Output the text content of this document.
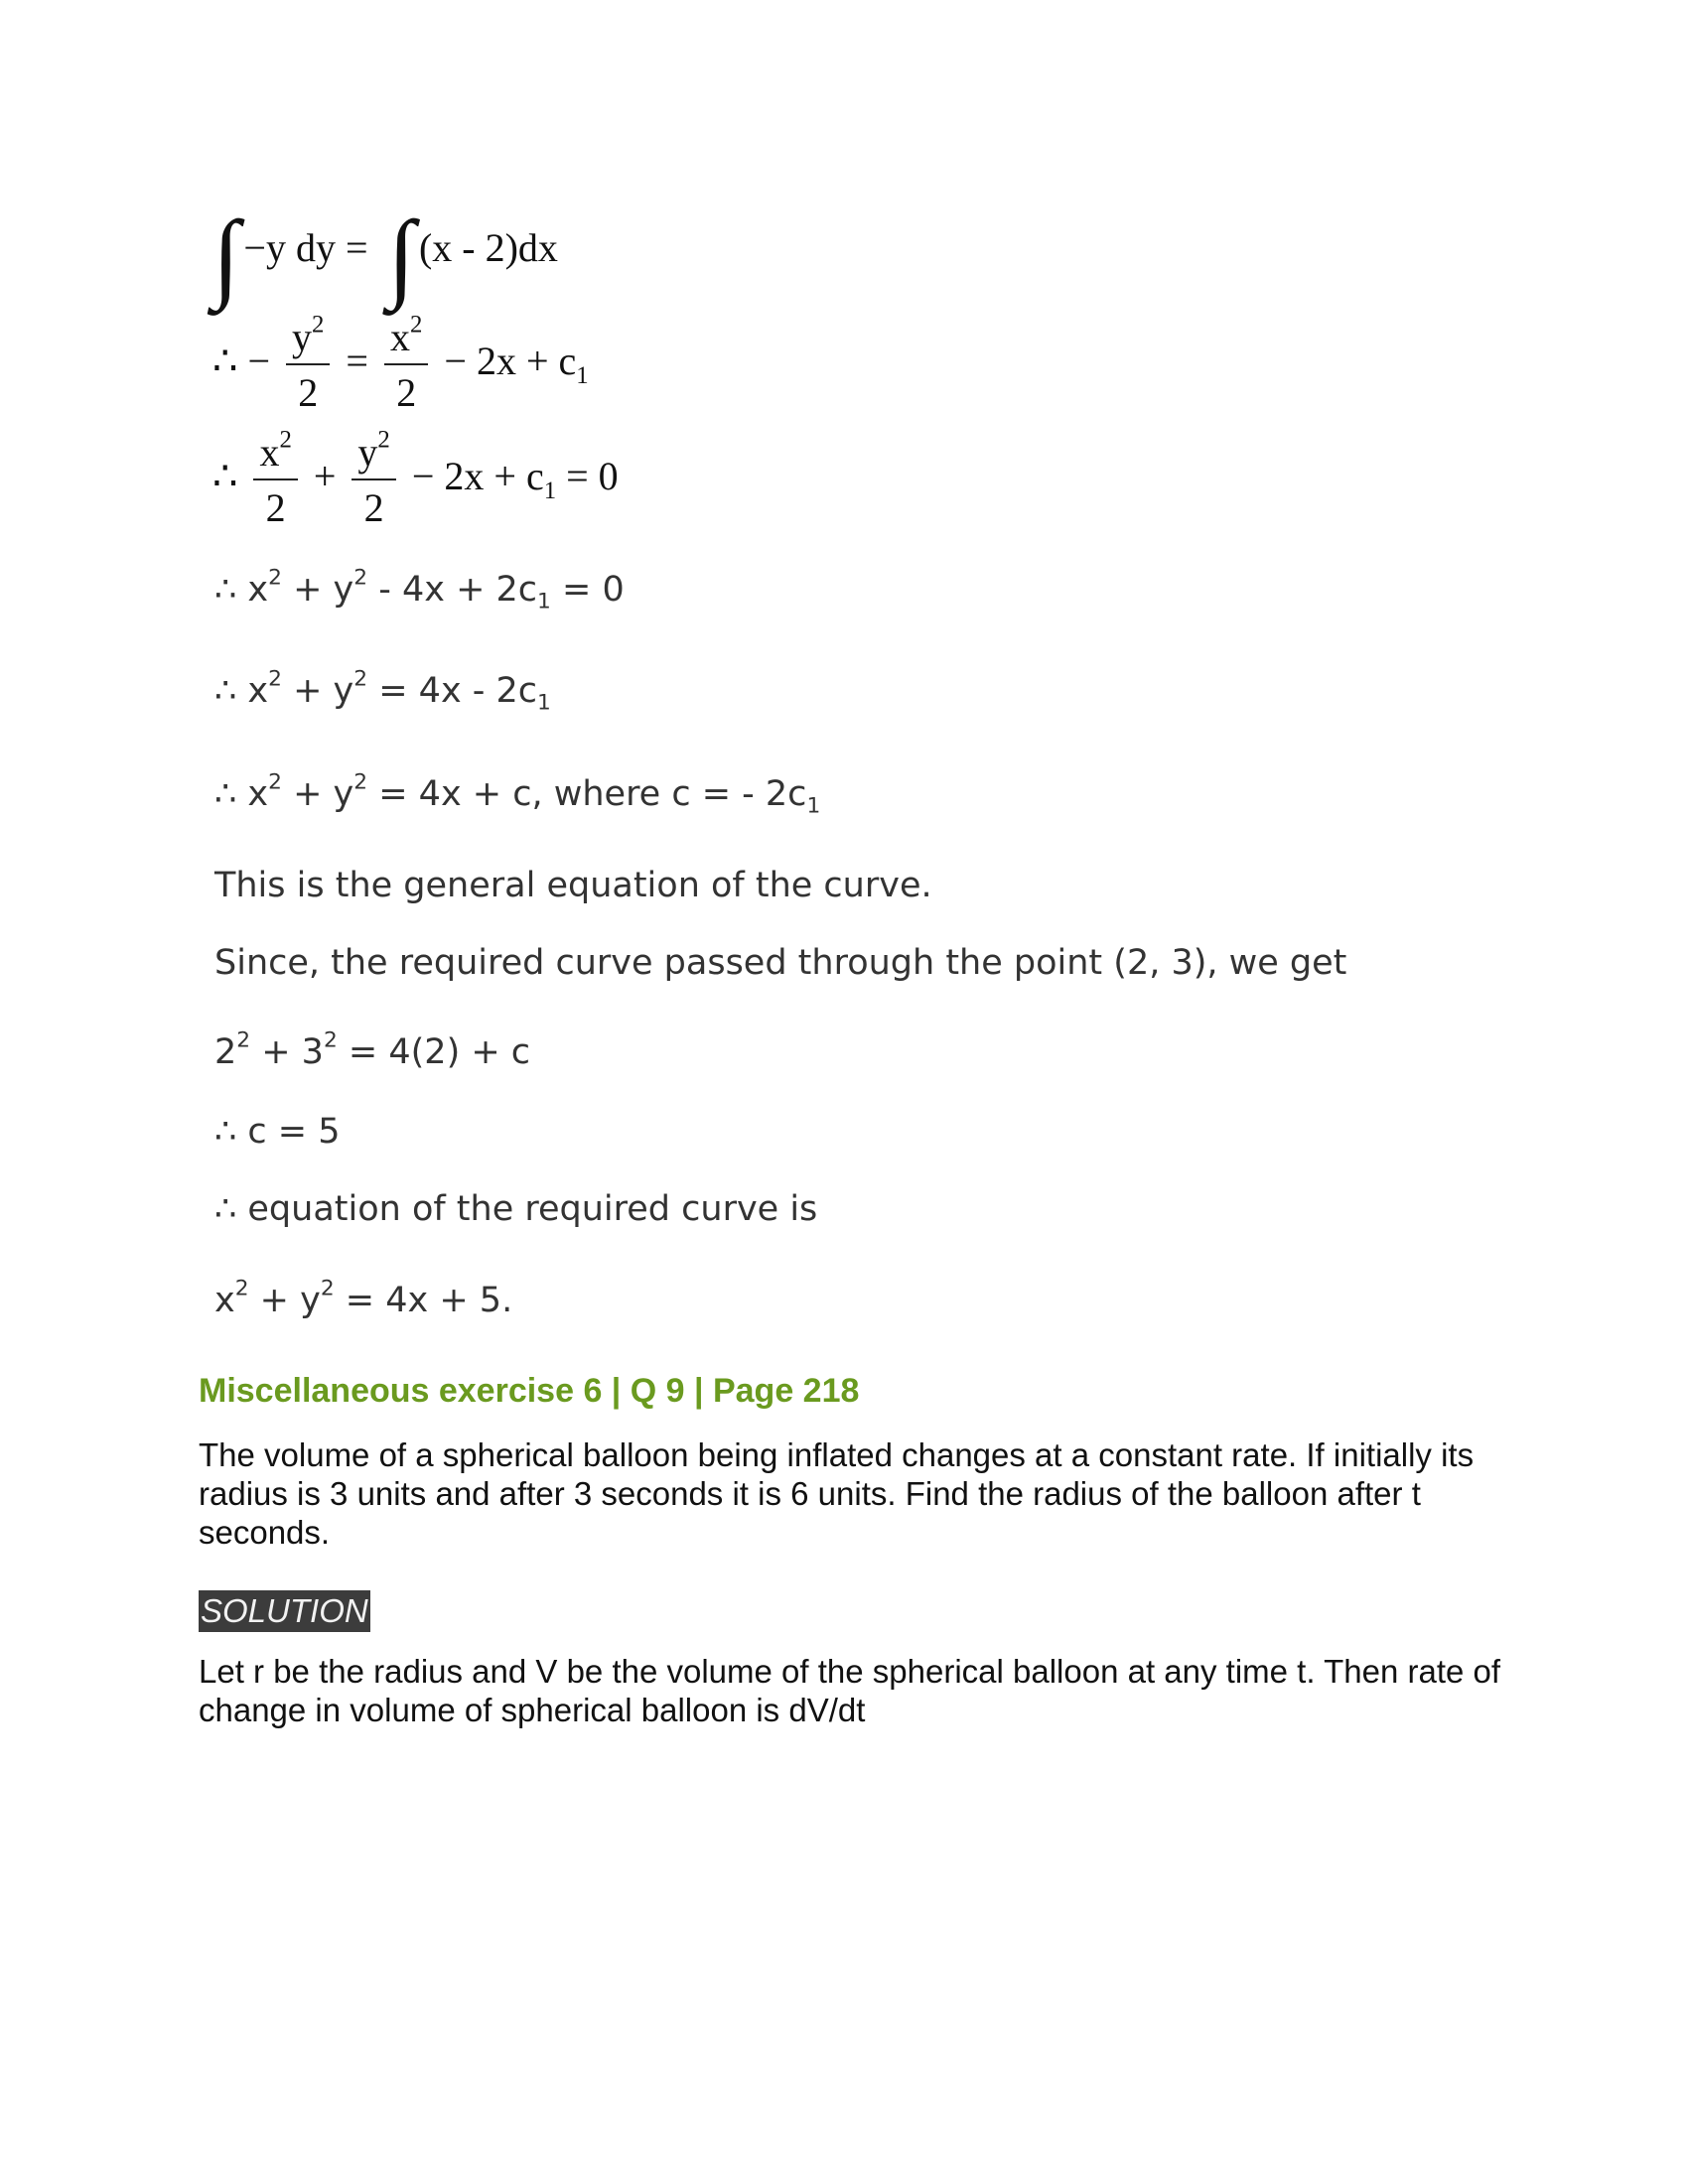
∫ −y dy = ∫ (x - 2)dx
∴ − $\frac{y^2}{2} = \frac{x^2}{2} - 2x + c_1$
∴ $\frac{x^2}{2} + \frac{y^2}{2} - 2x + c_1 = 0$
∴ $x^2 + y^2 - 4x + 2c_1 = 0$
∴ $x^2 + y^2 = 4x - 2c_1$
∴ $x^2 + y^2 = 4x + c$, where c = - $2c_1$
This is the general equation of the curve.
Since, the required curve passed through the point (2, 3), we get
$2^2 + 3^2 = 4(2) + c$
∴ c = 5
∴ equation of the required curve is
$x^2 + y^2 = 4x + 5$.
Miscellaneous exercise 6 | Q 9 | Page 218
The volume of a spherical balloon being inflated changes at a constant rate. If initially its radius is 3 units and after 3 seconds it is 6 units. Find the radius of the balloon after t seconds.
SOLUTION
Let r be the radius and V be the volume of the spherical balloon at any time t. Then rate of change in volume of spherical balloon is dV/dt
